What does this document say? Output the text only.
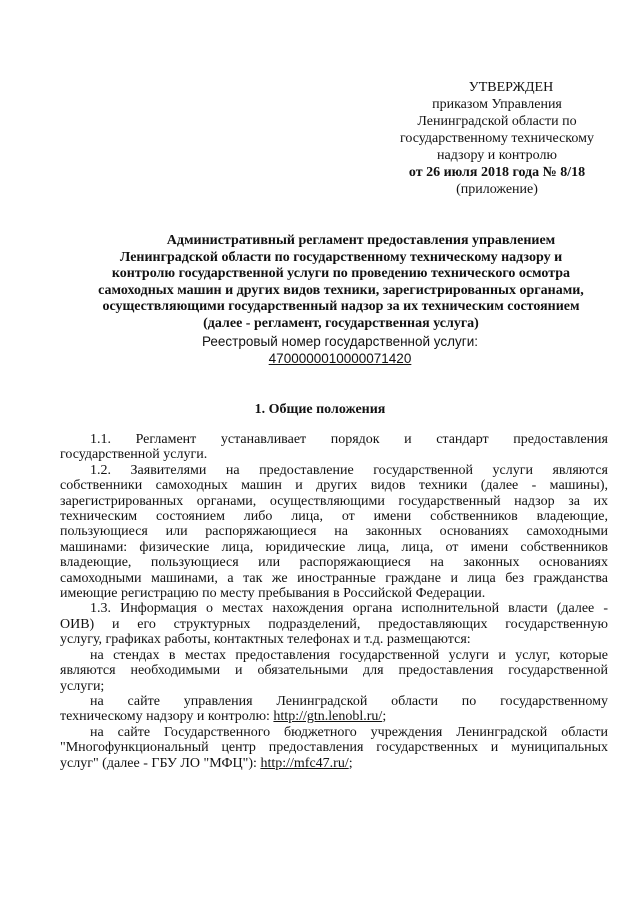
УТВЕРЖДЕН
приказом Управления
Ленинградской области по
государственному техническому
надзору и контролю
от 26 июля 2018 года № 8/18
(приложение)
Административный регламент предоставления управлением
Ленинградской области по государственному техническому надзору и
контролю государственной услуги по проведению технического осмотра
самоходных машин и других видов техники, зарегистрированных органами,
осуществляющими государственный надзор за их техническим состоянием
(далее - регламент, государственная услуга)
Реестровый номер государственной услуги:
4700000010000071420
1. Общие положения
1.1. Регламент устанавливает порядок и стандарт предоставления
государственной услуги.
1.2. Заявителями на предоставление государственной услуги являются
собственники самоходных машин и других видов техники (далее - машины),
зарегистрированных органами, осуществляющими государственный надзор за их
техническим состоянием либо лица, от имени собственников владеющие,
пользующиеся или распоряжающиеся на законных основаниях самоходными
машинами: физические лица, юридические лица, лица, от имени собственников
владеющие, пользующиеся или распоряжающиеся на законных основаниях
самоходными машинами, а так же иностранные граждане и лица без гражданства
имеющие регистрацию по месту пребывания в Российской Федерации.
1.3. Информация о местах нахождения органа исполнительной власти (далее -
ОИВ) и его структурных подразделений, предоставляющих государственную
услугу, графиках работы, контактных телефонах и т.д. размещаются:
на стендах в местах предоставления государственной услуги и услуг, которые
являются необходимыми и обязательными для предоставления государственной
услуги;
на сайте управления Ленинградской области по государственному
техническому надзору и контролю: http://gtn.lenobl.ru/;
на сайте Государственного бюджетного учреждения Ленинградской области
"Многофункциональный центр предоставления государственных и муниципальных
услуг" (далее - ГБУ ЛО "МФЦ"): http://mfc47.ru/;
